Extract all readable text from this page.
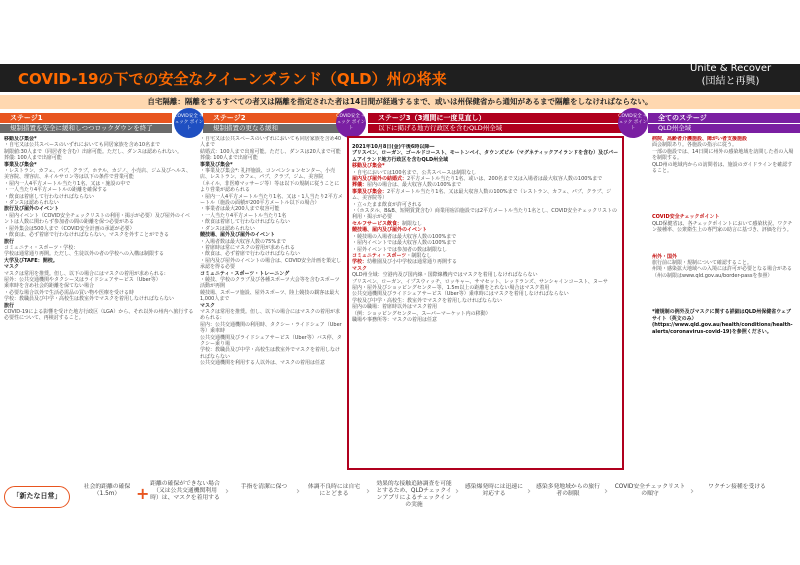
COVID-19の下での安全なクイーンズランド（QLD）州の将来
Unite & Recover
(団結と再興)
自宅隔離：隔離をするすべての者又は隔離を指定された者は14日間が経過するまで、或いは州保健省から通知があるまで隔離をしなければならない。
ステージ1
規制措置を安全に緩和しつつロックダウンを終了
ステージ2
規制措置の更なる緩和
ステージ3（3週間に一度見直し）
以下に掲げる地方行政区を含むQLD州全域
全てのステージ
QLD州全域
COVID安全 チェック ポイント
COVID安全 チェック ポイント
COVID安全 チェック ポイント
移動及び集会*
・自宅又は公共スペースのいずれにおいても同居家族を含め10名まで
制限値:30人まで（同居者を含む）出席可能。ただし、ダンスは認められない。
葬儀: 100人まで出席可能
事業及び集会*
・レストラン、カフェ、パブ、クラブ、ホテル、カジノ、小売店、ジム及びヘルス、美容院、理容店、ネイルサロン等は以下の条件で営業可能
・屋内一人4平方メートル当たり1名、又は・施設の中で
・一人当たり4平方メートルの距離を確保する
・飲食は着席して行わなければならない
・ダンスは認められない
旅行及び屋外のイベント
・屋内イベント（COVID安全チェックリストの利用・掲示が必要）及び屋外のイベントは人数に関わらず参加者の間の距離を保つ必要がある
・屋外集会は500人まで（COVID安全計画の承認が必要）
・飲食は、必ず着席で行わなければならない。マスクを外すことができる
旅行
コミュニティ・スポーツ・学校：
学校は通常通り再開。ただし、生徒以外の者の学校への入構は制限する
大学及びTAFE：開校。
マスク
マスクは常用を推奨。但し、以下の場合にはマスクの着用が求められる:
屋外：公共交通機関やタクシー又はライドシェアサービス（Uber等）
乗車時を含め社会的距離を保てない場合
・必要な場合以外で生活必需品の買い物や医療を受ける時
学校：教職員及び中学・高校生は教室外でマスクを着用しなければならない
旅行
COVID-19による影響を受けた地方行政区（LGA）から、それ以外の州内へ旅行する必要性について、再検討すること。
・自宅又は公共スペースのいずれにおいても同居家族を含め40人まで
結婚式：100人まで出席可能。ただし、ダンスは20人まで可能
葬儀: 100人まで出席可能
事業及び集会*
・事業及び集会*: 礼拝施設、コンベンションセンター、小売店、レストラン、カフェ、パブ、クラブ、ジム、美容院
（ネイル、非医療マッサージ等）等は以下の規制に従うことにより営業が認められる
・屋内一人4平方メートル当たり1名、又は・1人当たり2平方メートル（施設の面積が200平方メートル以下の場合）
・事業者は最大200人まで収容可能
・一人当たり4平方メートル当たり1名
・飲食は着席して行わなければならない
・ダンスは認められない
競技場、屋外及び屋外のイベント
・入場者数は最大収容人数の75%まで
・着席時は常にマスクの着用が求められる
・飲食は、必ず着席で行わなければならない
・屋内及び屋外のイベントの場合は、COVID安全計画を策定し承認を得る必要
コミュニティ・スポーツ・トレーニング
・競技、学校のクラブ及び各種スポーツ大会等を含むスポーツ活動が再開
競技場、スポーツ施設、屋外スポーツ、陸上競技の観客は最大1,000人まで
マスク
マスクは常用を推奨。但し、以下の場合にはマスクの着用が求められる:
屋内：公共交通機関の利用時、タクシー・ライドシェア（Uber等）乗車時
公共交通機関及びライドシェアサービス（Uber等）バス停、タクシー乗り場
学校：教職員及び中学・高校生は教室外でマスクを着用しなければならない
公共交通機関を利用する人以外は、マスクの着用は任意
2021年10月8日(金)午後6時以降―
ブリスベン、ローガン、ゴールドコースト、モートンベイ、タウンズビル（マグネティックアイランドを含む）及びパームアイランド地方行政区を含むQLD州全域
移動及び集会*
・自宅においては100名まで、公共スペースは制限なし
屋内及び屋外の結婚式：2平方メートル当たり1名、或いは、200名まで又は入場者は最大収容人数の100%まで
葬儀：屋内の場合は、最大収容人数の100%まで
事業及び集会：2平方メートル当たり1名、又は最大収容人数の100%まで（レストラン、カフェ、パブ、クラブ、ジム、美容院等）
・立ったまま飲食が許可される
・（ホスタル、B&B、短期賃貸含む）商業用宿泊施設では2平方メートル当たり1名とし、COVID安全チェックリストの利用・掲示が必要
セルフサービス飲食：制限なし
競技場、屋内及び屋外のイベント
・競技場の入場者は最大収容人数の100%まで
・屋内イベントでは最大収容人数の100%まで
・屋外イベントでは参加者の数は制限なし
コミュニティ・スポーツ・制限なし
学校：幼稚園及び小中学校は通常通り再開する
マスク
QLD州全域：空港内及び国内線・国際線機内ではマスクを着用しなければならない
ブリスベン、ローガン、イプスウィッチ、ロッキャー、サマセット、レッドランズ、サンシャインコースト、ヌーサ
屋内・屋外及びショッピングセンター等、1.5m以上の距離をとれない場合はマスク着用
公共交通機関及びライドシェアサービス（Uber等）乗車時にはマスクを着用しなければならない
学校及び中学・高校生：教室外でマスクを着用しなければならない
屋内の職場：着席時以外はマスク着用
（例：ショッピングセンター、スーパーマーケット内の移動）
職場や事務所等：マスクの着用は任意
病院、高齢者介護施設、障がい者支援施設
面会制限あり。各施設の指示に従う。
一部の施設では、14日間に州外の感染地域を訪問した者の入場を制限する。
QLD州の地域内からの訪問者は、施設のガイドラインを確認すること。
COVID安全チェックポイント
QLD保健省は、各チェックポイントにおいて感染状況、ワクチン接種率、公衆衛生上の専門家の助言に基づき、評価を行う。
州外・国外
旅行前に制限・規制について確認すること。
州境・感染拡大地域への入境には許可が必要となる場合がある（州の制限はwww.qld.gov.au/border-passを参照）
*諸規制の例外及びマスクに関する詳細はQLD州保健省ウェブサイト（英文のみ）(https://www.qld.gov.au/health/conditions/health-alerts/coronavirus-covid-19)を参照ください。
「新たな日常」
社会的距離の確保（1.5m） + 距離の確保ができない場合（又は公共交通機関利用時）は、マスクを着用する
›	手指を清潔に保つ ›	体調不良時には自宅にとどまる	›
効果的な接触追跡調査を可能とするため、QLDチェックインアプリによるチェックインの実施
› 感染爆発時には迅速に対応する	› 感染多発地域からの旅行者の制限	› COVID安全チェックリストの順守	›	ワクチン接種を受ける
